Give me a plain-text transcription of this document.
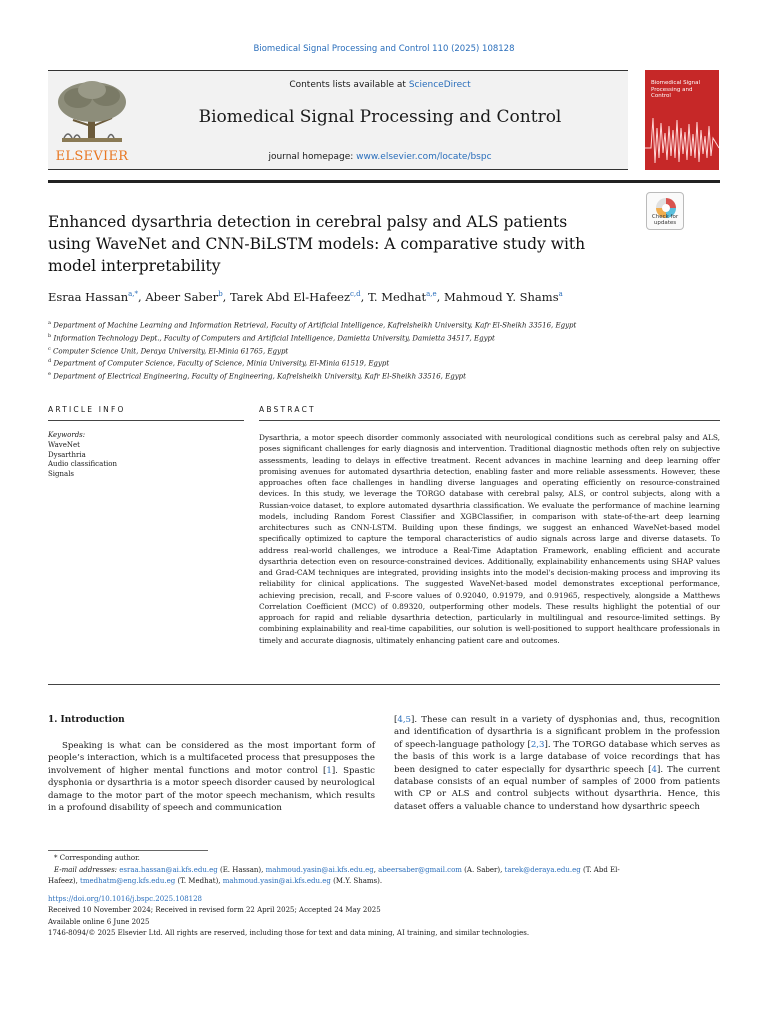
Biomedical Signal Processing and Control 110 (2025) 108128
ELSEVIER
Contents lists available at ScienceDirect
Biomedical Signal Processing and Control
journal homepage: www.elsevier.com/locate/bspc
Biomedical Signal Processing and Control
Enhanced dysarthria detection in cerebral palsy and ALS patients using WaveNet and CNN-BiLSTM models: A comparative study with model interpretability
Check for
updates
Esraa Hassan$^{a,*}$, Abeer Saber$^b$, Tarek Abd El-Hafeez$^{c,d}$, T. Medhat$^{a,e}$, Mahmoud Y. Shams$^a$
$^a$ Department of Machine Learning and Information Retrieval, Faculty of Artificial Intelligence, Kafrelsheikh University, Kafr El-Sheikh 33516, Egypt
$^b$ Information Technology Dept., Faculty of Computers and Artificial Intelligence, Damietta University, Damietta 34517, Egypt
$^c$ Computer Science Unit, Deraya University, El-Minia 61765, Egypt
$^d$ Department of Computer Science, Faculty of Science, Minia University, El-Minia 61519, Egypt
$^e$ Department of Electrical Engineering, Faculty of Engineering, Kafrelsheikh University, Kafr El-Sheikh 33516, Egypt
ARTICLE INFO	ABSTRACT
Keywords:
WaveNet
Dysarthria
Audio classification
Signals
Dysarthria, a motor speech disorder commonly associated with neurological conditions such as cerebral palsy and ALS, poses significant challenges for early diagnosis and intervention. Traditional diagnostic methods often rely on subjective assessments, leading to delays in effective treatment. Recent advances in machine learning and deep learning offer promising avenues for automated dysarthria detection, enabling faster and more reliable assessments. However, these approaches often face challenges in handling diverse languages and operating efficiently on resource-constrained devices. In this study, we leverage the TORGO database with cerebral palsy, ALS, or control subjects, along with a Russian-voice dataset, to explore automated dysarthria classification. We evaluate the performance of machine learning models, including Random Forest Classifier and XGBClassifier, in comparison with state-of-the-art deep learning architectures such as CNN-LSTM. Building upon these findings, we suggest an enhanced WaveNet-based model specifically optimized to capture the temporal characteristics of audio signals across large and diverse datasets. To address real-world challenges, we introduce a Real-Time Adaptation Framework, enabling efficient and accurate dysarthria detection even on resource-constrained devices. Additionally, explainability enhancements using SHAP values and Grad-CAM techniques are integrated, providing insights into the model's decision-making process and improving its reliability for clinical applications. The suggested WaveNet-based model demonstrates exceptional performance, achieving precision, recall, and F-score values of 0.92040, 0.91979, and 0.91965, respectively, alongside a Matthews Correlation Coefficient (MCC) of 0.89320, outperforming other models. These results highlight the potential of our approach for rapid and reliable dysarthria detection, particularly in multilingual and resource-limited settings. By combining explainability and real-time capabilities, our solution is well-positioned to support healthcare professionals in timely and accurate diagnosis, ultimately enhancing patient care and outcomes.
1. Introduction
Speaking is what can be considered as the most important form of people’s interaction, which is a multifaceted process that presupposes the involvement of higher mental functions and motor control [1]. Spastic dysphonia or dysarthria is a motor speech disorder caused by neurological damage to the motor part of the motor speech mechanism, which results in a profound disability of speech and communication
[4,5]. These can result in a variety of dysphonias and, thus, recognition and identification of dysarthria is a significant problem in the profession of speech-language pathology [2,3]. The TORGO database which serves as the basis of this work is a large database of voice recordings that has been designed to cater especially for dysarthric speech [4]. The current database consists of an equal number of samples of 2000 from patients with CP or ALS and control subjects without dysarthria. Hence, this dataset offers a valuable chance to understand how dysarthric speech
* Corresponding author.
E-mail addresses: esraa.hassan@ai.kfs.edu.eg (E. Hassan), mahmoud.yasin@ai.kfs.edu.eg, abeersaber@gmail.com (A. Saber), tarek@deraya.edu.eg (T. Abd El-
Hafeez), tmedhatm@eng.kfs.edu.eg (T. Medhat), mahmoud.yasin@ai.kfs.edu.eg (M.Y. Shams).
https://doi.org/10.1016/j.bspc.2025.108128
Received 10 November 2024; Received in revised form 22 April 2025; Accepted 24 May 2025
Available online 6 June 2025
1746-8094/© 2025 Elsevier Ltd. All rights are reserved, including those for text and data mining, AI training, and similar technologies.
